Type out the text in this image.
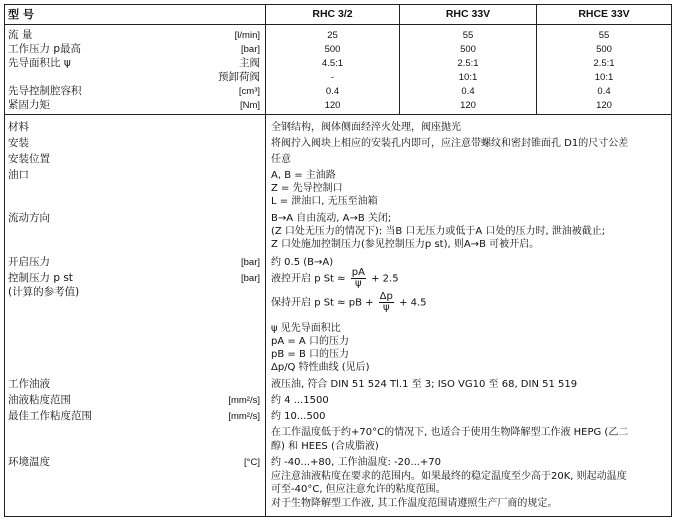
型 号	RHC 3/2	RHC 33V	RHCE 33V
流 量	[l/min]	25	55	55
工作压力 p最高	[bar]	500	500	500
先导面积比 ψ	主阀	4.5:1	2.5:1	2.5:1
预卸荷阀	-	10:1	10:1
先导控制腔容积	[cm³]	0.4	0.4	0.4
紧固力矩	[Nm]	120	120	120
材料	全钢结构，阀体侧面经淬火处理，阀座抛光
安装	将阀拧入阀块上相应的安装孔内即可，应注意带螺纹和密封锥面孔 D1的尺寸公差
安装位置	任意
油口	A, B = 主油路
Z = 先导控制口
L = 泄油口, 无压至油箱
流动方向	B→A 自由流动, A→B 关闭;
(Z 口处无压力的情况下): 当B 口无压力或低于A 口处的压力时, 泄油被截止;
Z 口处施加控制压力(参见控制压力p st), 则A→B 可被开启。
开启压力	[bar] 约 0.5 (B→A)
控制压力 p st	[bar]
(计算的参考值)
液控开启 p $St \approx \frac{pA}{\psi} + 2.5$
保持开启 p St ≈ pB + $\frac{\Delta p}{\psi} + 4.5$
ψ 见先导面积比
pA = A 口的压力
pB = B 口的压力
Δp/Q 特性曲线 (见后)
工作油液	液压油, 符合 DIN 51 524 Tl.1 至 3; ISO VG10 至 68, DIN 51 519
油液粘度范围	[mm²/s] 约 4 ...1500
最佳工作粘度范围	[mm²/s] 约 10...500
在工作温度低于约+70°C的情况下, 也适合于使用生物降解型工作液 HEPG (乙二
醇) 和 HEES (合成脂液)
环境温度	[°C] 约 -40...+80, 工作油温度: -20...+70
应注意油液粘度在要求的范围内。如果最终的稳定温度至少高于20K, 则起动温度
可至-40°C, 但应注意允许的粘度范围。
对于生物降解型工作液, 其工作温度范围请遵照生产厂商的规定。
